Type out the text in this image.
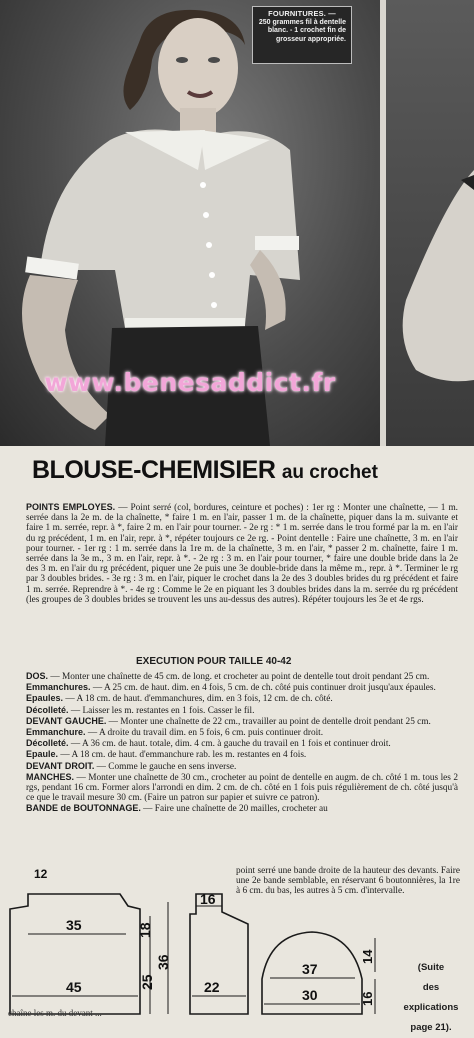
FOURNITURES. —
250 grammes fil à dentelle blanc. - 1 crochet fin de grosseur appropriée.
www.benesaddict.fr
BLOUSE-CHEMISIER au crochet

POINTS EMPLOYES. — Point serré (col, bordures, ceinture et poches) : 1er rg : Monter une chaînette, — 1 m. serrée dans la 2e m. de la chaînette, * faire 1 m. en l'air, passer 1 m. de la chaînette, piquer dans la m. suivante et faire 1 m. serrée, repr. à *, faire 2 m. en l'air pour tourner. - 2e rg : * 1 m. serrée dans le trou formé par la m. en l'air du rg précédent, 1 m. en l'air, repr. à *, répéter toujours ce 2e rg. - Point dentelle : Faire une chaînette, 3 m. en l'air pour tourner. - 1er rg : 1 m. serrée dans la 1re m. de la chaînette, 3 m. en l'air, * passer 2 m. chaînette, faire 1 m. serrée dans la 3e m., 3 m. en l'air, repr. à *. - 2e rg : 3 m. en l'air pour tourner, * faire une double bride dans la 2e des 3 m. en l'air du rg précédent, piquer une 2e puis une 3e double-bride dans la même m., repr. à *. Terminer le rg par 3 doubles brides. - 3e rg : 3 m. en l'air, piquer le crochet dans la 2e des 3 doubles brides du rg précédent et faire 1 m. serrée. Reprendre à *. - 4e rg : Comme le 2e en piquant les 3 doubles brides dans la m. serrée du rg précédent (les groupes de 3 doubles brides se trouvent les uns au-dessus des autres). Répéter toujours les 3e et 4e rgs.

EXECUTION POUR TAILLE 40-42

DOS. — Monter une chaînette de 45 cm. de long. et crocheter au point de dentelle tout droit pendant 25 cm.

Emmanchures. — A 25 cm. de haut. dim. en 4 fois, 5 cm. de ch. côté puis continuer droit jusqu'aux épaules.

Epaules. — A 18 cm. de haut. d'emmanchures, dim. en 3 fois, 12 cm. de ch. côté.

Décolleté. — Laisser les m. restantes en 1 fois. Casser le fil.

DEVANT GAUCHE. — Monter une chaînette de 22 cm., travailler au point de dentelle droit pendant 25 cm.

Emmanchure. — A droite du travail dim. en 5 fois, 6 cm. puis continuer droit.

Décolleté. — A 36 cm. de haut. totale, dim. 4 cm. à gauche du travail en 1 fois et continuer droit.

Epaule. — A 18 cm. de haut. d'emmanchure rab. les m. restantes en 4 fois.

DEVANT DROIT. — Comme le gauche en sens inverse.

MANCHES. — Monter une chaînette de 30 cm., crocheter au point de dentelle en augm. de ch. côté 1 m. tous les 2 rgs, pendant 16 cm. Former alors l'arrondi en dim. 2 cm. de ch. côté en 1 fois puis régulièrement de ch. côté jusqu'à ce que le travail mesure 30 cm. (Faire un patron sur papier et suivre ce patron).

BANDE de BOUTONNAGE. — Faire une chaînette de 20 mailles, crocheter au

12
35
45	25
18
36
16
22
37
30
14
16
point serré une bande droite de la hauteur des devants. Faire une 2e bande semblable, en réservant 6 boutonnières, la 1re à 6 cm. du bas, les autres à 5 cm. d'intervalle.
(Suite
des
explications
page 21).
chaîne les m. du devant ...
